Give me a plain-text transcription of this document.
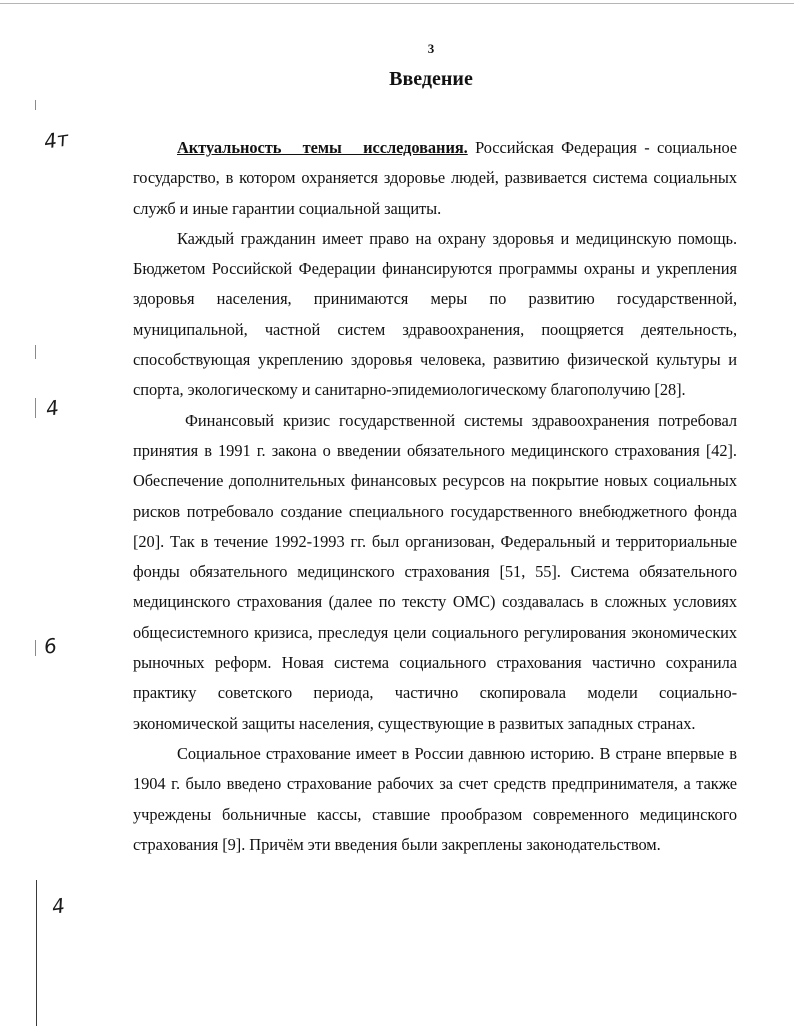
3
Введение
4т
4
6
4

Актуальность темы исследования. Российская Федерация - социальное государство, в котором охраняется здоровье людей, развивается система социальных служб и иные гарантии социальной защиты.

Каждый гражданин имеет право на охрану здоровья и медицинскую помощь. Бюджетом Российской Федерации финансируются программы охраны и укрепления здоровья населения, принимаются меры по развитию государственной, муниципальной, частной систем здравоохранения, поощряется деятельность, способствующая укреплению здоровья человека, развитию физической культуры и спорта, экологическому и санитарно-эпидемиологическому благополучию [28].

Финансовый кризис государственной системы здравоохранения потребовал принятия в 1991 г. закона о введении обязательного медицинского страхования [42]. Обеспечение дополнительных финансовых ресурсов на покрытие новых социальных рисков потребовало создание специального государственного внебюджетного фонда [20]. Так в течение 1992-1993 гг. был организован, Федеральный и территориальные фонды обязательного медицинского страхования [51, 55]. Система обязательного медицинского страхования (далее по тексту ОМС) создавалась в сложных условиях общесистемного кризиса, преследуя цели социального регулирования экономических рыночных реформ. Новая система социального страхования частично сохранила практику советского периода, частично скопировала модели социально-экономической защиты населения, существующие в развитых западных странах.

Социальное страхование имеет в России давнюю историю. В стране впервые в 1904 г. было введено страхование рабочих за счет средств предпринимателя, а также учреждены больничные кассы, ставшие прообразом современного медицинского страхования [9]. Причём эти введения были закреплены законодательством.
